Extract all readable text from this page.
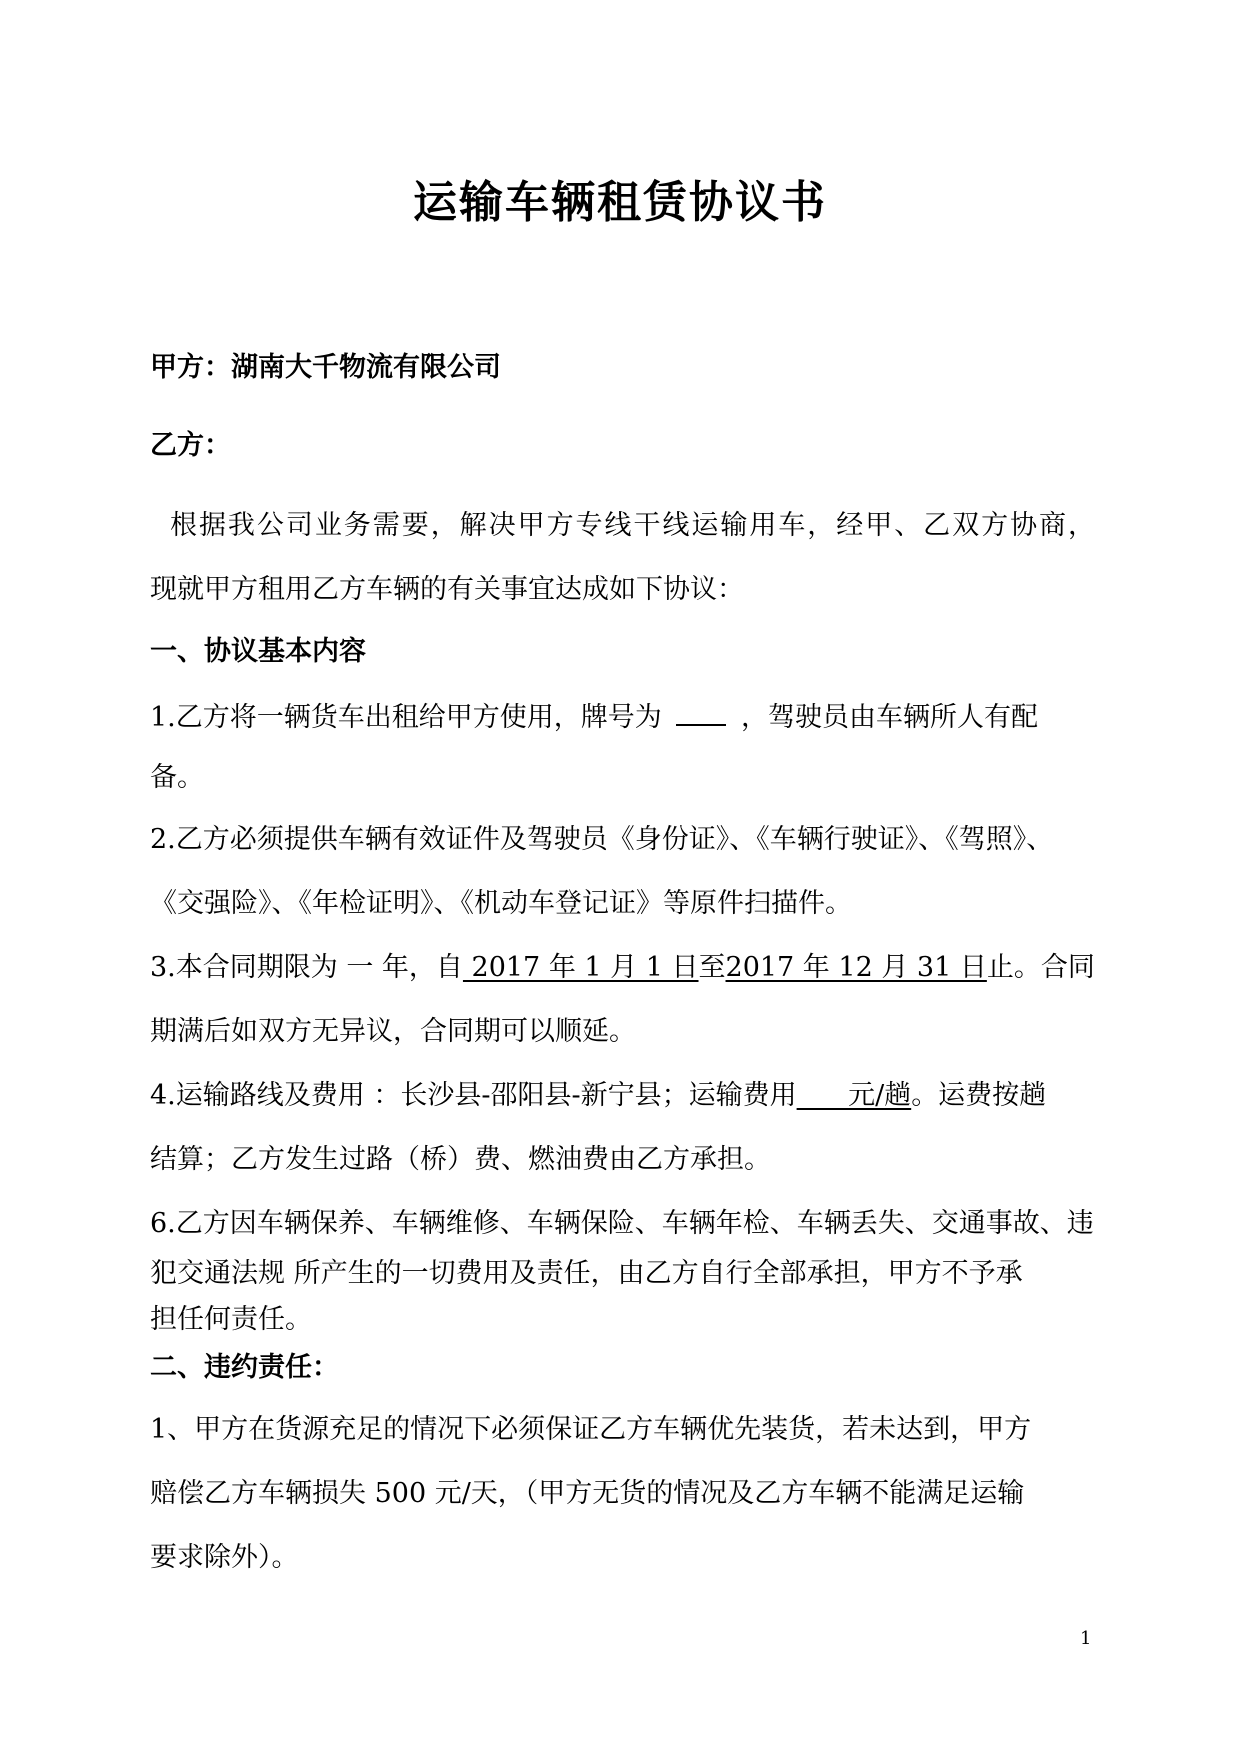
运输车辆租赁协议书
甲方：湖南大千物流有限公司
乙方：
根据我公司业务需要，解决甲方专线干线运输用车，经甲、乙双方协商，
现就甲方租用乙方车辆的有关事宜达成如下协议：
一、协议基本内容
1.乙方将一辆货车出租给甲方使用，牌号为	，驾驶员由车辆所人有配
备。
2.乙方必须提供车辆有效证件及驾驶员《身份证》、《车辆行驶证》、《驾照》、
《交强险》、《年检证明》、《机动车登记证》等原件扫描件。
3.本合同期限为 一 年，自 2017 年 1 月 1 日至2017 年 12 月 31 日止。合同
期满后如双方无异议，合同期可以顺延。
4.运输路线及费用 ：长沙县-邵阳县-新宁县；运输费用      元/趟。运费按趟
结算；乙方发生过路（桥）费、燃油费由乙方承担。
6.乙方因车辆保养、车辆维修、车辆保险、车辆年检、车辆丢失、交通事故、违
犯交通法规 所产生的一切费用及责任，由乙方自行全部承担，甲方不予承
担任何责任。
二、违约责任：
1、甲方在货源充足的情况下必须保证乙方车辆优先装货，若未达到，甲方
赔偿乙方车辆损失 500 元/天，（甲方无货的情况及乙方车辆不能满足运输
要求除外）。
1
